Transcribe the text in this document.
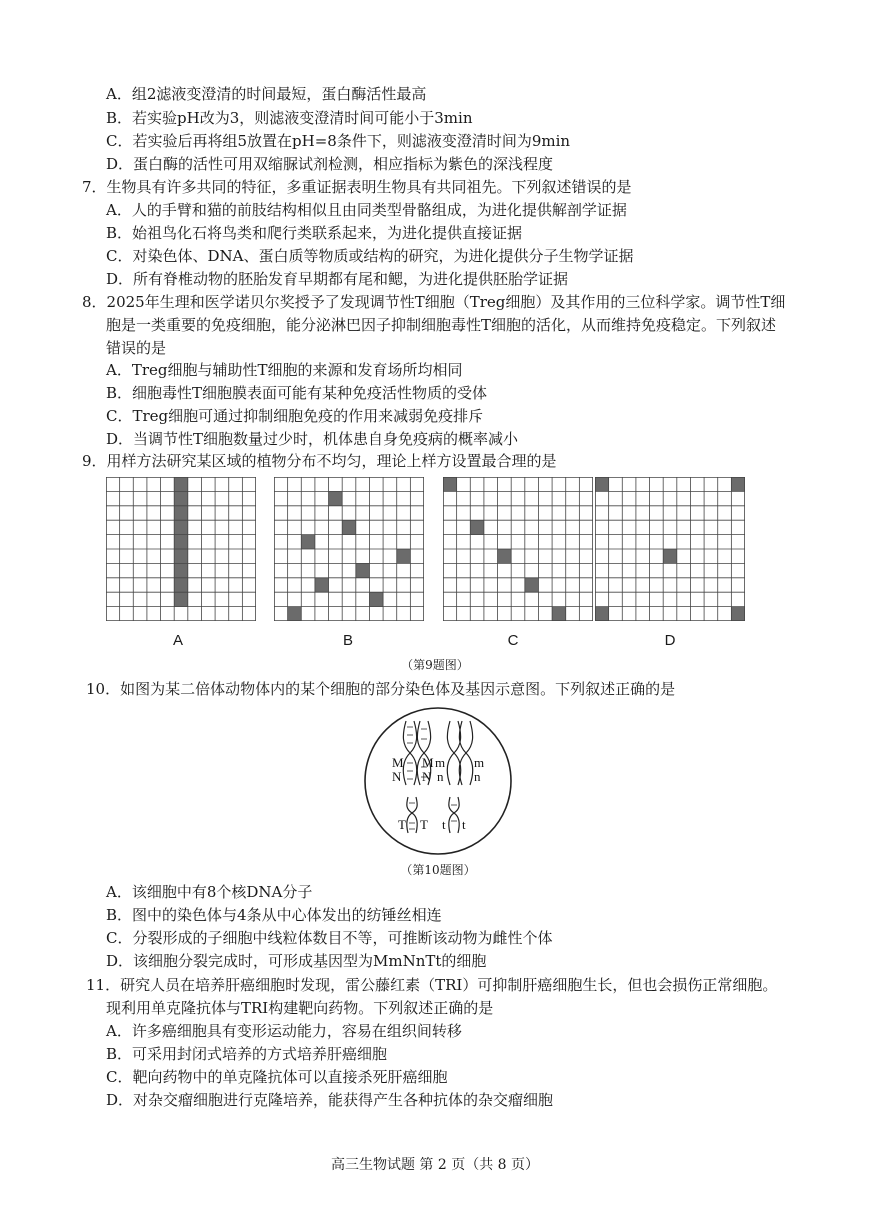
A．组2滤液变澄清的时间最短，蛋白酶活性最高
B．若实验pH改为3，则滤液变澄清时间可能小于3min
C．若实验后再将组5放置在pH=8条件下，则滤液变澄清时间为9min
D．蛋白酶的活性可用双缩脲试剂检测，相应指标为紫色的深浅程度
7．生物具有许多共同的特征，多重证据表明生物具有共同祖先。下列叙述错误的是
A．人的手臂和猫的前肢结构相似且由同类型骨骼组成，为进化提供解剖学证据
B．始祖鸟化石将鸟类和爬行类联系起来，为进化提供直接证据
C．对染色体、DNA、蛋白质等物质或结构的研究，为进化提供分子生物学证据
D．所有脊椎动物的胚胎发育早期都有尾和鳃，为进化提供胚胎学证据
8．2025年生理和医学诺贝尔奖授予了发现调节性T细胞（Treg细胞）及其作用的三位科学家。调节性T细
胞是一类重要的免疫细胞，能分泌淋巴因子抑制细胞毒性T细胞的活化，从而维持免疫稳定。下列叙述
错误的是
A．Treg细胞与辅助性T细胞的来源和发育场所均相同
B．细胞毒性T细胞膜表面可能有某种免疫活性物质的受体
C．Treg细胞可通过抑制细胞免疫的作用来减弱免疫排斥
D．当调节性T细胞数量过少时，机体患自身免疫病的概率减小
9．用样方法研究某区域的植物分布不均匀，理论上样方设置最合理的是
A	B	C	D
（第9题图）
10．如图为某二倍体动物体内的某个细胞的部分染色体及基因示意图。下列叙述正确的是
M
N
M
N
m
n
m
n
T T t t
（第10题图）
A．该细胞中有8个核DNA分子
B．图中的染色体与4条从中心体发出的纺锤丝相连
C．分裂形成的子细胞中线粒体数目不等，可推断该动物为雌性个体
D．该细胞分裂完成时，可形成基因型为MmNnTt的细胞
11．研究人员在培养肝癌细胞时发现，雷公藤红素（TRI）可抑制肝癌细胞生长，但也会损伤正常细胞。
现利用单克隆抗体与TRI构建靶向药物。下列叙述正确的是
A．许多癌细胞具有变形运动能力，容易在组织间转移
B．可采用封闭式培养的方式培养肝癌细胞
C．靶向药物中的单克隆抗体可以直接杀死肝癌细胞
D．对杂交瘤细胞进行克隆培养，能获得产生各种抗体的杂交瘤细胞
高三生物试题 第 2 页（共 8 页）
